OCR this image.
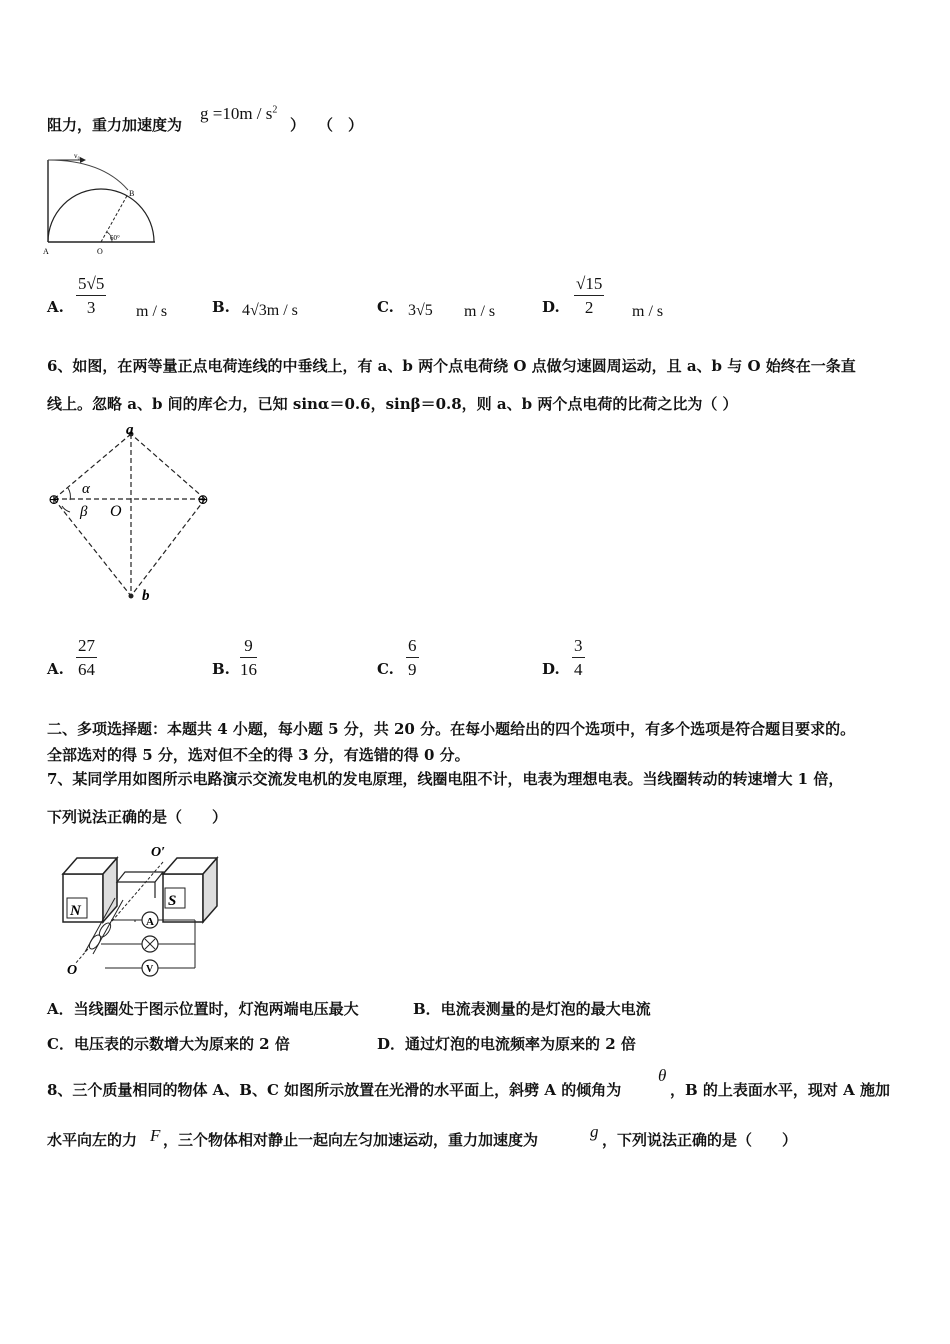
阻力，重力加速度为
$g =10m / s^2$
） （　）
v₀
A	O
B
60°
A.
5√5
3	m / s	B. 4√3m / s	C. 3√5 m / s	D.
√15
2	m / s
6、如图，在两等量正点电荷连线的中垂线上，有 a、b 两个点电荷绕 O 点做匀速圆周运动，且 a、b 与 O 始终在一条直
线上。忽略 a、b 间的库仑力，已知 sinα＝0.6，sinβ＝0.8，则 a、b 两个点电荷的比荷之比为（ ）
⊕	⊕
a
b
O
α
β
A.
27
64	B.
9
16	C.
6
9	D.
3
4
二、多项选择题：本题共 4 小题，每小题 5 分，共 20 分。在每小题给出的四个选项中，有多个选项是符合题目要求的。
全部选对的得 5 分，选对但不全的得 3 分，有选错的得 0 分。
7、某同学用如图所示电路演示交流发电机的发电原理，线圈电阻不计，电表为理想电表。当线圈转动的转速增大 1 倍，
下列说法正确的是（　　）
N
S
O′
O
A
V
A．当线圈处于图示位置时，灯泡两端电压最大	B．电流表测量的是灯泡的最大电流
C．电压表的示数增大为原来的 2 倍	D．通过灯泡的电流频率为原来的 2 倍
8、三个质量相同的物体 A、B、C 如图所示放置在光滑的水平面上，斜劈 A 的倾角为
θ
，B 的上表面水平，现对 A 施加
水平向左的力 F ，三个物体相对静止一起向左匀加速运动，重力加速度为	g ，下列说法正确的是（　　）
